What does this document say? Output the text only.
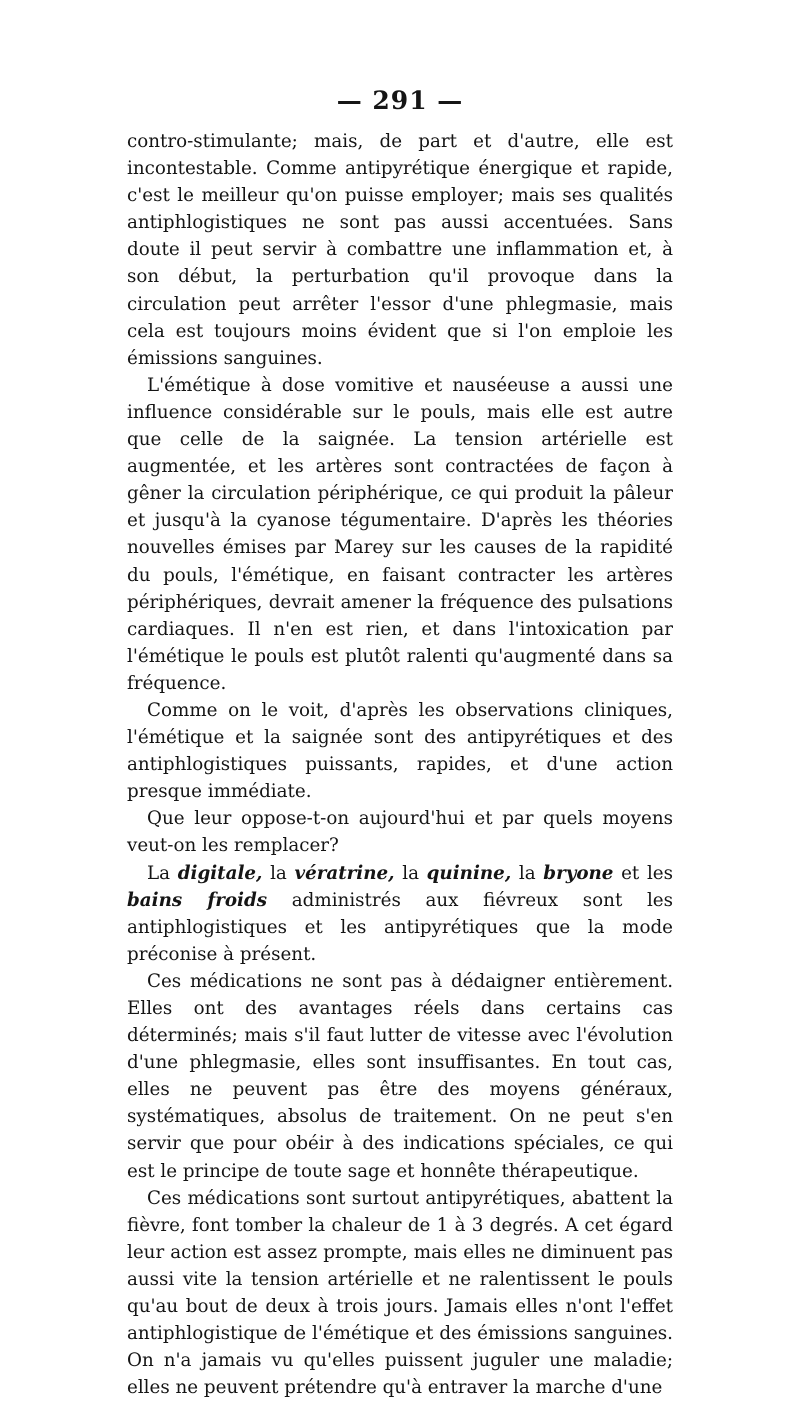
— 291 —

contro-stimulante; mais, de part et d'autre, elle est incontestable. Comme antipyrétique énergique et rapide, c'est le meilleur qu'on puisse employer; mais ses qualités antiphlogistiques ne sont pas aussi accentuées. Sans doute il peut servir à combattre une inflammation et, à son début, la perturbation qu'il provoque dans la circulation peut arrêter l'essor d'une phlegmasie, mais cela est toujours moins évident que si l'on emploie les émissions sanguines.

L'émétique à dose vomitive et nauséeuse a aussi une influence considérable sur le pouls, mais elle est autre que celle de la saignée. La tension artérielle est augmentée, et les artères sont contractées de façon à gêner la circulation périphérique, ce qui produit la pâleur et jusqu'à la cyanose tégumentaire. D'après les théories nouvelles émises par Marey sur les causes de la rapidité du pouls, l'émétique, en faisant contracter les artères périphériques, devrait amener la fréquence des pulsations cardiaques. Il n'en est rien, et dans l'intoxication par l'émétique le pouls est plutôt ralenti qu'augmenté dans sa fréquence.

Comme on le voit, d'après les observations cliniques, l'émétique et la saignée sont des antipyrétiques et des antiphlogistiques puissants, rapides, et d'une action presque immédiate.

Que leur oppose-t-on aujourd'hui et par quels moyens veut-on les remplacer?

La digitale, la vératrine, la quinine, la bryone et les bains froids administrés aux fiévreux sont les antiphlogistiques et les antipyrétiques que la mode préconise à présent.

Ces médications ne sont pas à dédaigner entièrement. Elles ont des avantages réels dans certains cas déterminés; mais s'il faut lutter de vitesse avec l'évolution d'une phlegmasie, elles sont insuffisantes. En tout cas, elles ne peuvent pas être des moyens généraux, systématiques, absolus de traitement. On ne peut s'en servir que pour obéir à des indications spéciales, ce qui est le principe de toute sage et honnête thérapeutique.

Ces médications sont surtout antipyrétiques, abattent la fièvre, font tomber la chaleur de 1 à 3 degrés. A cet égard leur action est assez prompte, mais elles ne diminuent pas aussi vite la tension artérielle et ne ralentissent le pouls qu'au bout de deux à trois jours. Jamais elles n'ont l'effet antiphlogistique de l'émétique et des émissions sanguines. On n'a jamais vu qu'elles puissent juguler une maladie; elles ne peuvent prétendre qu'à entraver la marche d'une
